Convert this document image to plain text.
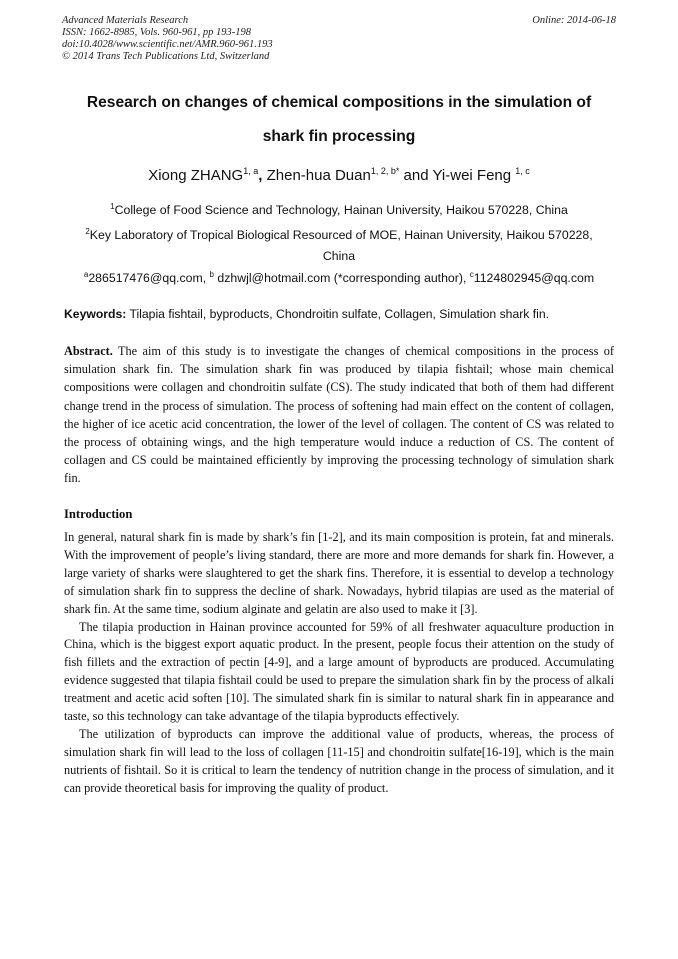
Advanced Materials Research
ISSN: 1662-8985, Vols. 960-961, pp 193-198
doi:10.4028/www.scientific.net/AMR.960-961.193
© 2014 Trans Tech Publications Ltd, Switzerland
Online: 2014-06-18
Research on changes of chemical compositions in the simulation of shark fin processing
Xiong ZHANG$^{1, a}$, Zhen-hua Duan$^{1, 2, b*}$ and Yi-wei Feng $^{1, c}$
$^1$College of Food Science and Technology, Hainan University, Haikou 570228, China
$^2$Key Laboratory of Tropical Biological Resourced of MOE, Hainan University, Haikou 570228, China
$^a$286517476@qq.com, $^b$ dzhwjl@hotmail.com (*corresponding author), $^c$1124802945@qq.com
Keywords: Tilapia fishtail, byproducts, Chondroitin sulfate, Collagen, Simulation shark fin.
Abstract. The aim of this study is to investigate the changes of chemical compositions in the process of simulation shark fin. The simulation shark fin was produced by tilapia fishtail; whose main chemical compositions were collagen and chondroitin sulfate (CS). The study indicated that both of them had different change trend in the process of simulation. The process of softening had main effect on the content of collagen, the higher of ice acetic acid concentration, the lower of the level of collagen. The content of CS was related to the process of obtaining wings, and the high temperature would induce a reduction of CS. The content of collagen and CS could be maintained efficiently by improving the processing technology of simulation shark fin.
Introduction

In general, natural shark fin is made by shark’s fin [1-2], and its main composition is protein, fat and minerals. With the improvement of people’s living standard, there are more and more demands for shark fin. However, a large variety of sharks were slaughtered to get the shark fins. Therefore, it is essential to develop a technology of simulation shark fin to suppress the decline of shark. Nowadays, hybrid tilapias are used as the material of shark fin. At the same time, sodium alginate and gelatin are also used to make it [3].

The tilapia production in Hainan province accounted for 59% of all freshwater aquaculture production in China, which is the biggest export aquatic product. In the present, people focus their attention on the study of fish fillets and the extraction of pectin [4-9], and a large amount of byproducts are produced. Accumulating evidence suggested that tilapia fishtail could be used to prepare the simulation shark fin by the process of alkali treatment and acetic acid soften [10]. The simulated shark fin is similar to natural shark fin in appearance and taste, so this technology can take advantage of the tilapia byproducts effectively.

The utilization of byproducts can improve the additional value of products, whereas, the process of simulation shark fin will lead to the loss of collagen [11-15] and chondroitin sulfate[16-19], which is the main nutrients of fishtail. So it is critical to learn the tendency of nutrition change in the process of simulation, and it can provide theoretical basis for improving the quality of product.
